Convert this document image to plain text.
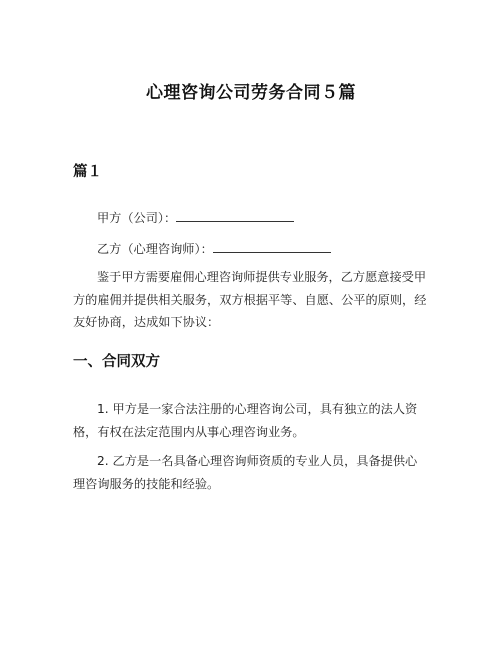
心理咨询公司劳务合同５篇
篇１
甲方（公司）：
乙方（心理咨询师）：

鉴于甲方需要雇佣心理咨询师提供专业服务，乙方愿意接受甲方的雇佣并提供相关服务，双方根据平等、自愿、公平的原则，经友好协商，达成如下协议：

一、合同双方

1. 甲方是一家合法注册的心理咨询公司，具有独立的法人资格，有权在法定范围内从事心理咨询业务。

2. 乙方是一名具备心理咨询师资质的专业人员，具备提供心理咨询服务的技能和经验。
